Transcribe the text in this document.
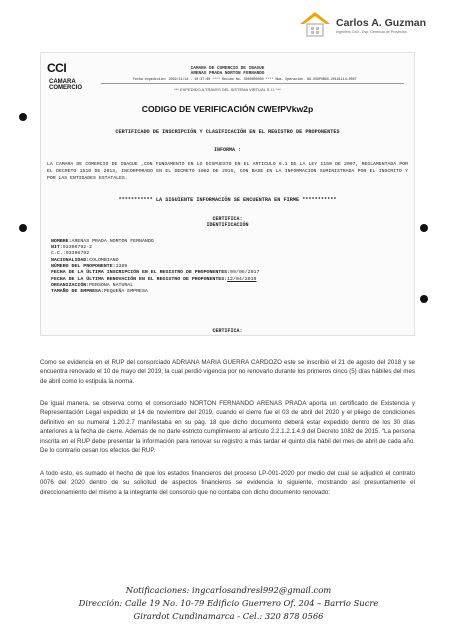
Carlos A. Guzman
Ingeniero Civil - Esp. Gerencia de Proyectos
CCI
CAMARA
COMERCIO
CAMARA DE COMERCIO DE IBAGUE
ARENAS PRADA NORTON FERNANDO
Fecha expedición: 2019/11/14 - 10:37:40 **** Recibo No. S000000000 **** Num. Operación. 99-USUPUBXX-20191114-0007
*** EXPEDIDO A TRAVES DEL SISTEMA VIRTUAL S.I.I. ***
CODIGO DE VERIFICACIÓN CWEfPVkw2p
CERTIFICADO DE INSCRIPCIÓN Y CLASIFICACIÓN EN EL REGISTRO DE PROPONENTES
INFORMA :
LA CAMARA DE COMERCIO DE IBAGUE ,CON FUNDAMENTO EN LO DISPUESTO EN EL ARTICULO 6.1 DE LA LEY 1150 DE 2007, REGLAMENTADA POR EL DECRETO 1510 DE 2013, INCORPORADO EN EL DECRETO 1082 DE 2015, CON BASE EN LA INFORMACION SUMINISTRADA POR EL INSCRITO Y POR LAS ENTIDADES ESTATALES.
*********** LA SIGUIENTE INFORMACIÓN SE ENCUENTRA EN FIRME ***********
CERTIFICA:
IDENTIFICACIÓN
NOMBRE:ARENAS PRADA NORTON FERNANDO
NIT:93396792-2
C.C.:93396792
NACIONALIDAD:COLOMBIANO
NÚMERO DEL PROPONENTE:1389
FECHA DE LA ÚLTIMA INSCRIPCIÓN EN EL REGISTRO DE PROPONENTES:09/08/2017
FECHA DE LA ÚLTIMA RENOVACIÓN EN EL REGISTRO DE PROPONENTES:12/04/2019
ORGANIZACIÓN:PERSONA NATURAL
TAMAÑO DE EMPRESA:PEQUEÑA EMPRESA
CERTIFICA:

Como se evidencia en el RUP del consorciado ADRIANA MARIA GUERRA CARDOZO este se inscribió el 21 de agosto del 2018 y se encuentra renovado el 10 de mayo del 2019; la cual perdió vigencia por no renovarlo durante los primeros cinco (5) días hábiles del mes de abril como lo estipula la norma.

De igual manera, se observa como el consorciado NORTON FERNANDO ARENAS PRADA aporta un certificado de Existencia y Representación Legal expedido el 14 de noviembre del 2019, cuando el cierre fue el 03 de abril del 2020 y el pliego de condiciones definitivo en su numeral 1.20.2.7 manifestaba en su pág. 18 que dicho documento deberá estar expedido dentro de los 30 días anteriores a la fecha de cierre. Además de no darle estricto cumplimiento al artículo 2.2.1.2.1.4.9 del Decreto 1082 de 2015. "La persona inscrita en el RUP debe presentar la información para renovar su registro a más tardar el quinto día hábil del mes de abril de cada año. De lo contrario cesan los efectos del RUP.

A todo esto, es sumado el hecho de que los estados financieros del proceso LP-001-2020 por medio del cual se adjudicó el contrato 0076 del 2020 dentro de su solicitud de aspectos financieros se evidencia lo siguiente, mostrando así presuntamente el direccionamiento del mismo a la integrante del consorcio que no contaba con dicho documento renovado:

Notificaciones: ingcarlosandresl992@gmail.com
Dirección: Calle 19 No. 10-79 Edificio Guerrero Of. 204 – Barrio Sucre
Girardot Cundinamarca - Cel.: 320 878 0566
